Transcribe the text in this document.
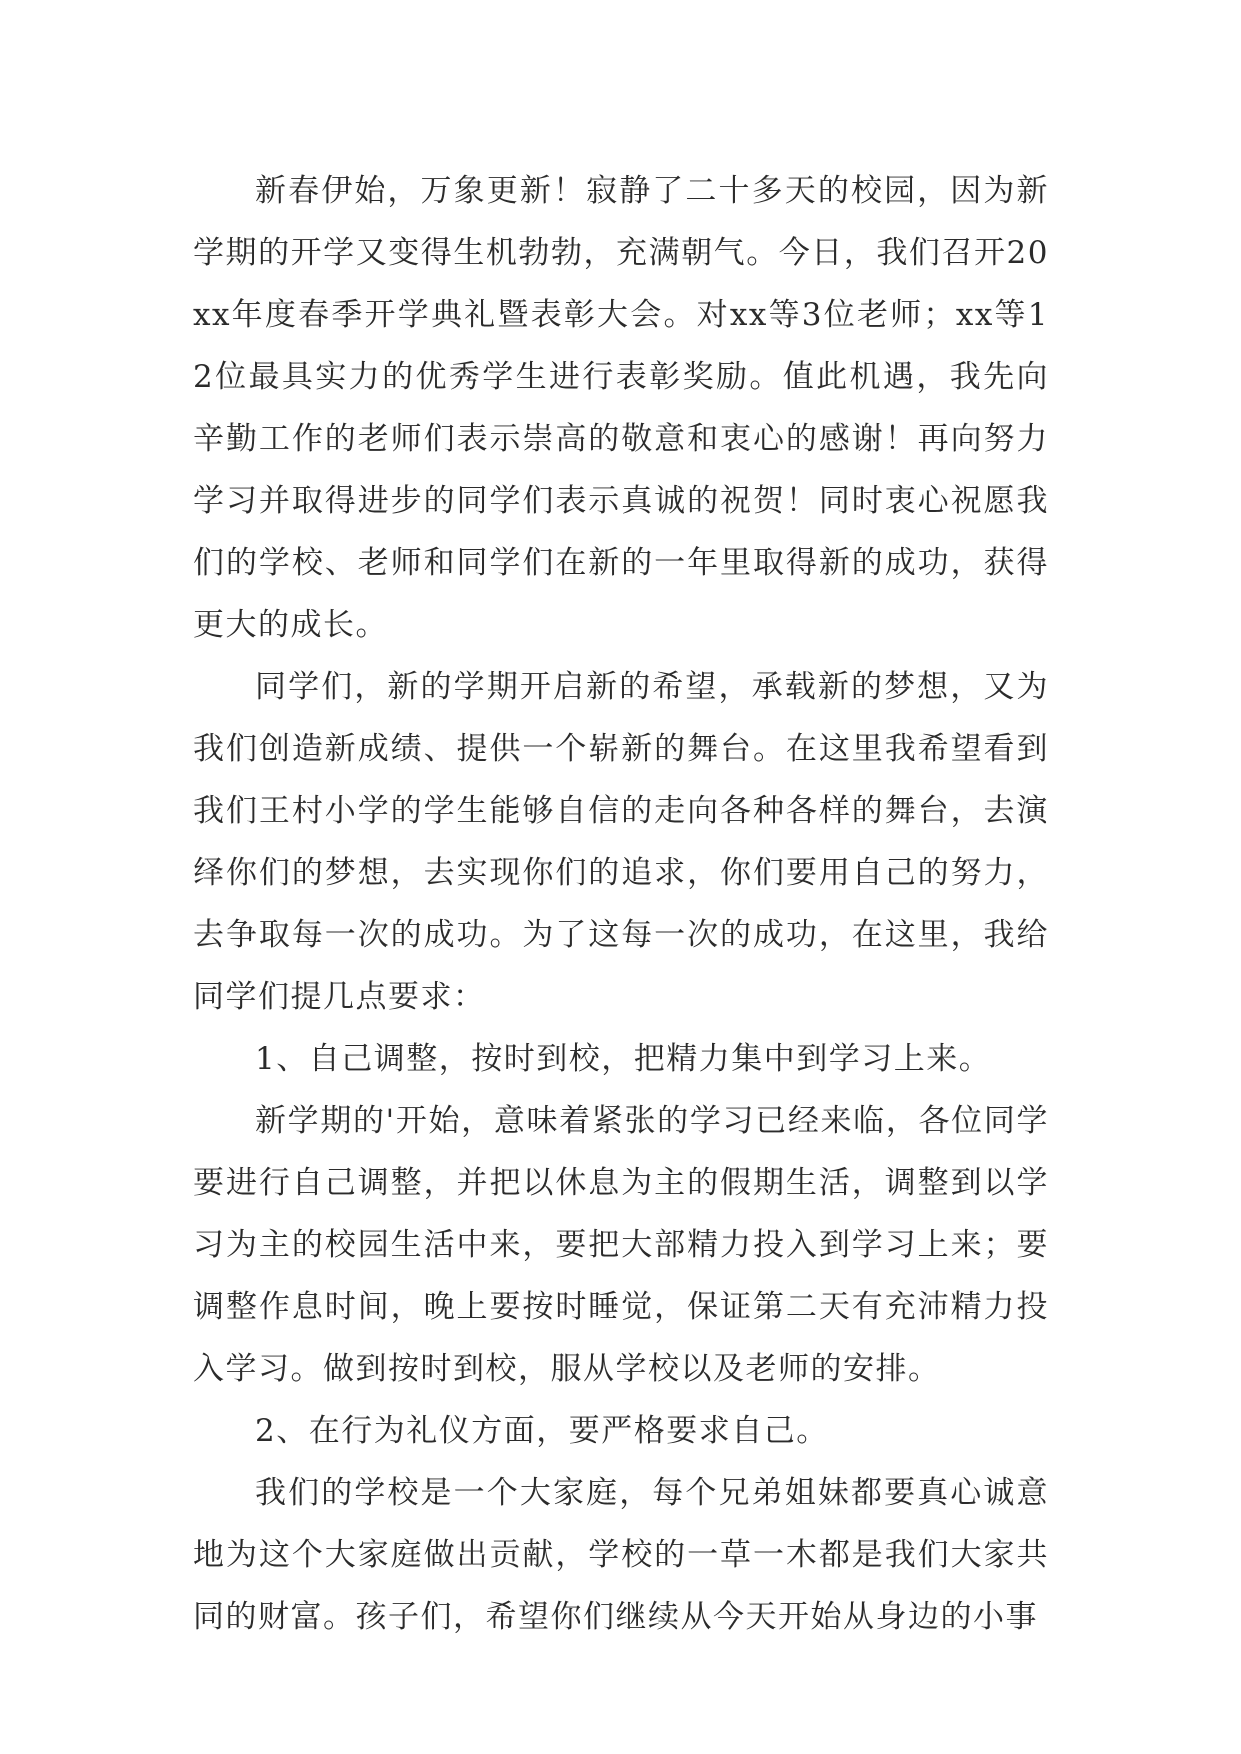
新春伊始，万象更新！寂静了二十多天的校园，因为新学期的开学又变得生机勃勃，充满朝气。今日，我们召开20xx年度春季开学典礼暨表彰大会。对xx等3位老师；xx等12位最具实力的优秀学生进行表彰奖励。值此机遇，我先向辛勤工作的老师们表示崇高的敬意和衷心的感谢！再向努力学习并取得进步的同学们表示真诚的祝贺！同时衷心祝愿我们的学校、老师和同学们在新的一年里取得新的成功，获得更大的成长。

同学们，新的学期开启新的希望，承载新的梦想，又为我们创造新成绩、提供一个崭新的舞台。在这里我希望看到我们王村小学的学生能够自信的走向各种各样的舞台，去演绎你们的梦想，去实现你们的追求，你们要用自己的努力，去争取每一次的成功。为了这每一次的成功，在这里，我给同学们提几点要求：

1、自己调整，按时到校，把精力集中到学习上来。

新学期的'开始，意味着紧张的学习已经来临，各位同学要进行自己调整，并把以休息为主的假期生活，调整到以学习为主的校园生活中来，要把大部精力投入到学习上来；要调整作息时间，晚上要按时睡觉，保证第二天有充沛精力投入学习。做到按时到校，服从学校以及老师的安排。

2、在行为礼仪方面，要严格要求自己。

我们的学校是一个大家庭，每个兄弟姐妹都要真心诚意地为这个大家庭做出贡献，学校的一草一木都是我们大家共同的财富。孩子们，希望你们继续从今天开始从身边的小事
